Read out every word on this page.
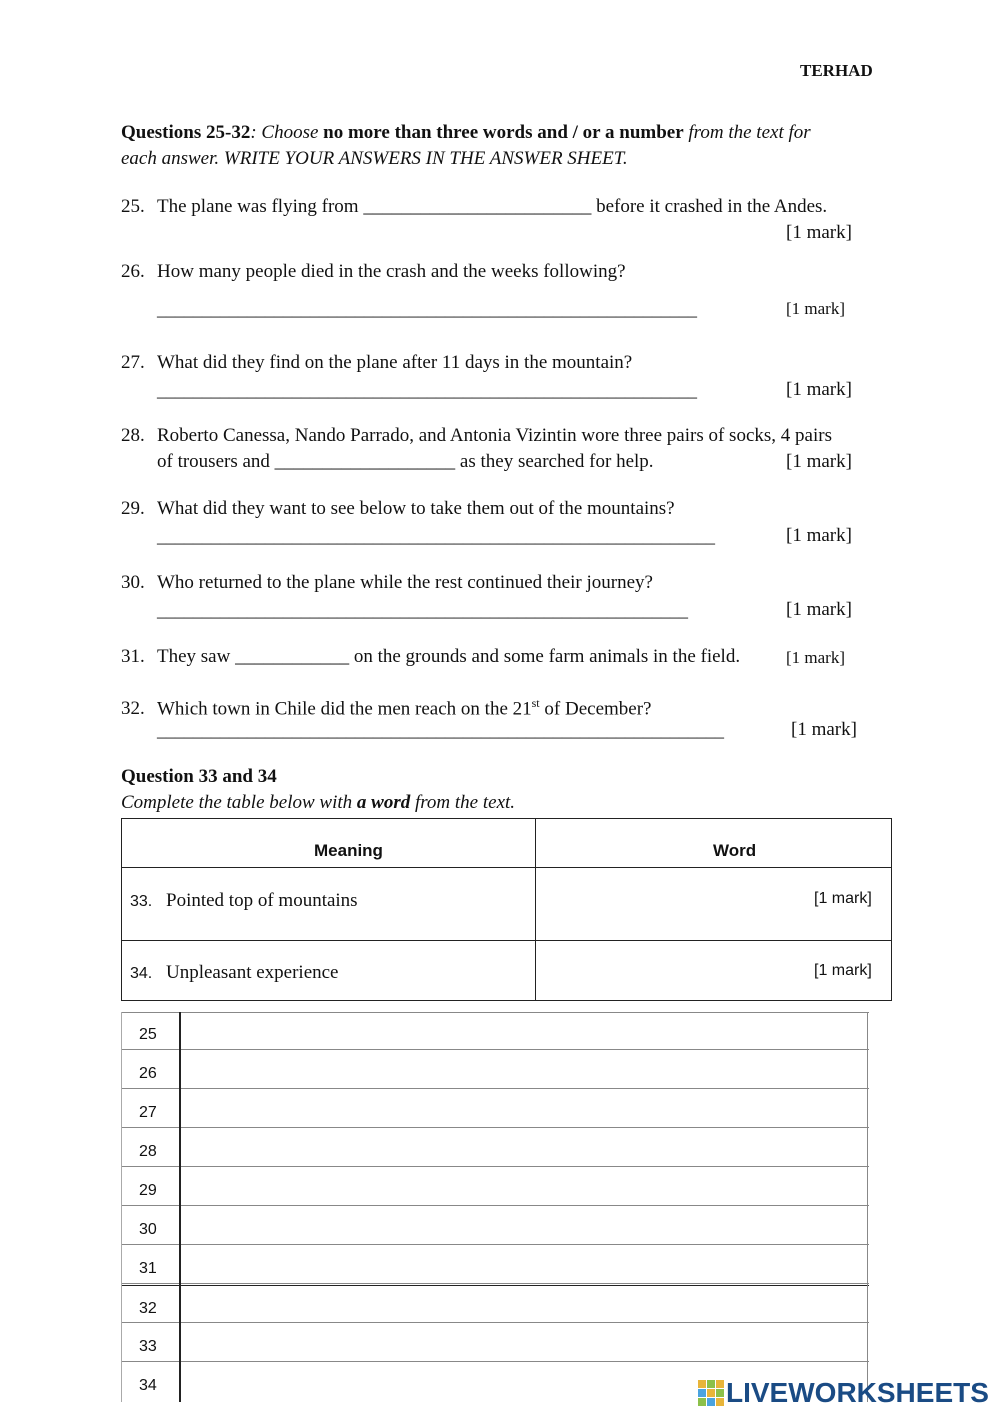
TERHAD
Questions 25-32: Choose no more than three words and / or a number from the text for
each answer. WRITE YOUR ANSWERS IN THE ANSWER SHEET.
25. The plane was flying from ________________________ before it crashed in the Andes.
[1 mark]
26. How many people died in the crash and the weeks following?
____________________________________________________________	[1 mark]
27. What did they find on the plane after 11 days in the mountain?
____________________________________________________________	[1 mark]
28. Roberto Canessa, Nando Parrado, and Antonia Vizintin wore three pairs of socks, 4 pairs
of trousers and ___________________ as they searched for help.	[1 mark]
29. What did they want to see below to take them out of the mountains?
______________________________________________________________	[1 mark]
30. Who returned to the plane while the rest continued their journey?
___________________________________________________________	[1 mark]
31. They saw ____________ on the grounds and some farm animals in the field.	[1 mark]
32. Which town in Chile did the men reach on the 21st of December?
_______________________________________________________________	[1 mark]
Question 33 and 34
Complete the table below with a word from the text.
Meaning	Word
33. Pointed top of mountains	[1 mark]
34. Unpleasant experience	[1 mark]
25
26
27
28
29
30
31
32
33
34	LIVEWORKSHEETS
